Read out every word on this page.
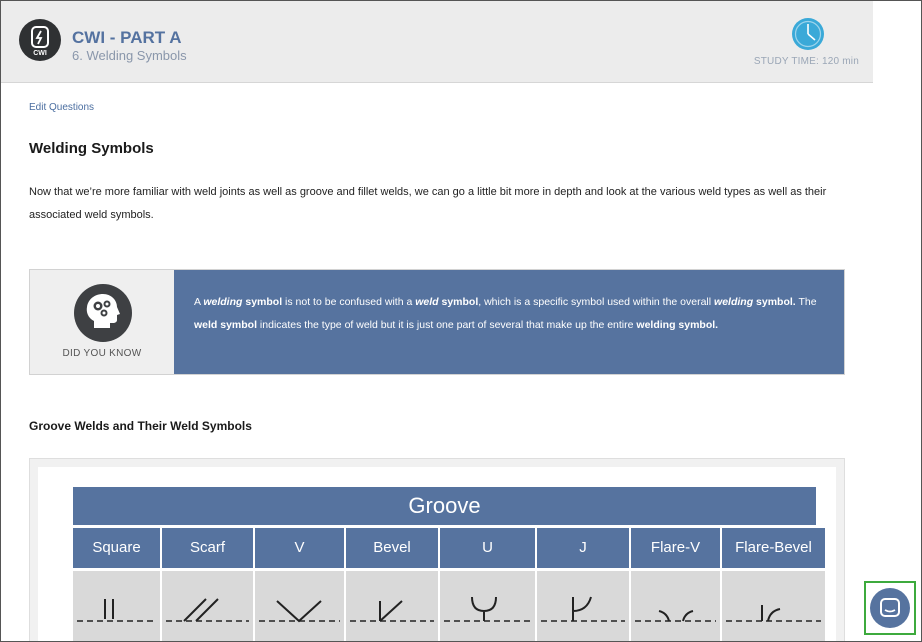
CWI
CWI - PART A
6. Welding Symbols	STUDY TIME: 120 min
Edit Questions
Welding Symbols
Now that we’re more familiar with weld joints as well as groove and fillet welds, we can go a little bit more in depth and look at the various weld types as well as their associated weld symbols.
DID YOU KNOW
A welding symbol is not to be confused with a weld symbol, which is a specific symbol used within the overall welding symbol. The weld symbol indicates the type of weld but it is just one part of several that make up the entire welding symbol.
Groove Welds and Their Weld Symbols
Groove
Square	Scarf	V	Bevel	U	J	Flare-V	Flare-Bevel
